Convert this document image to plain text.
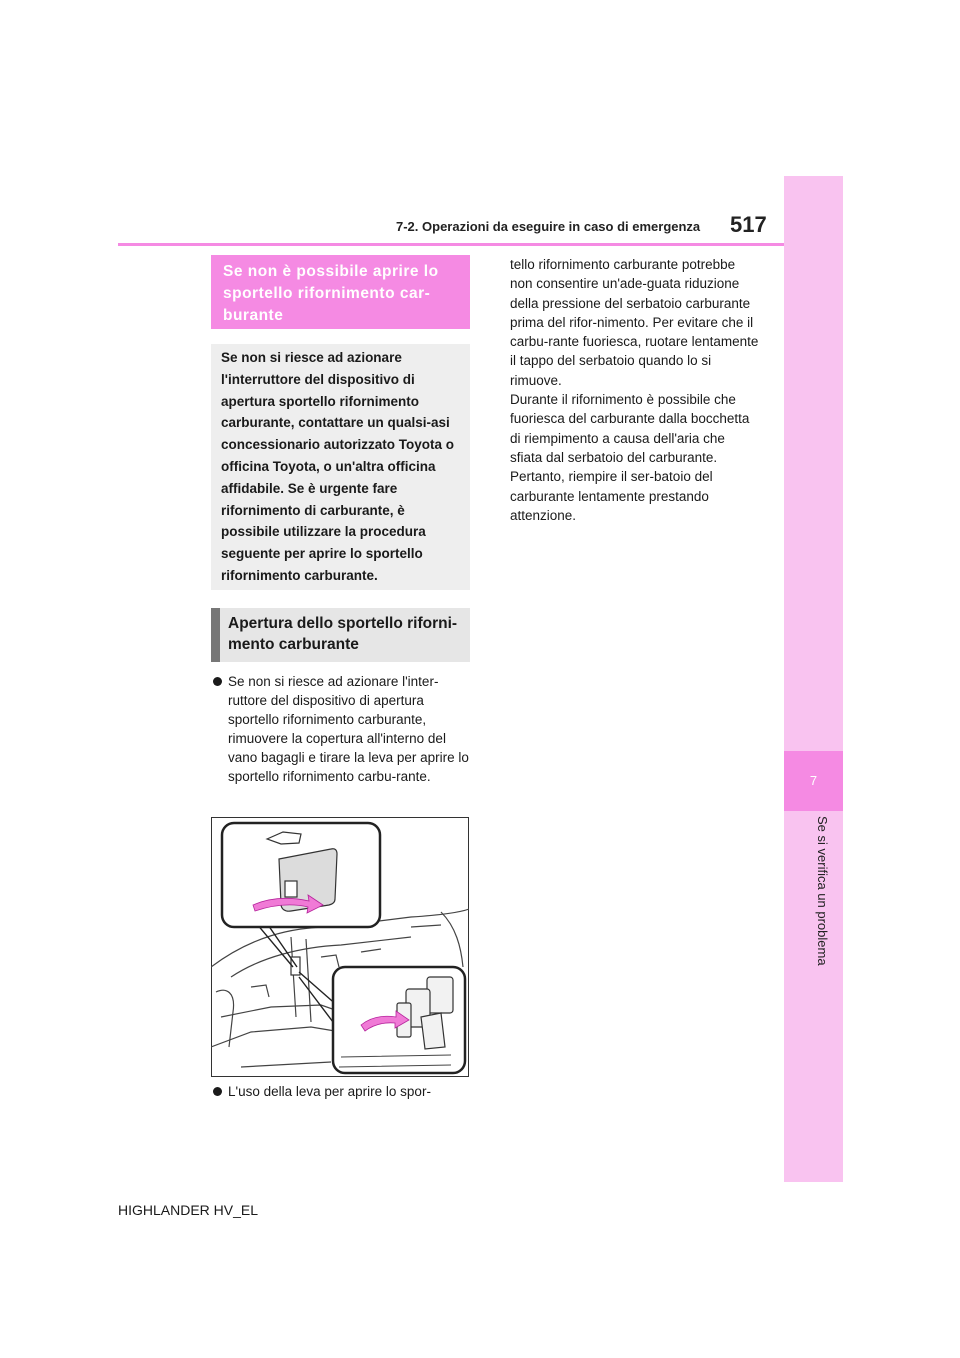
7
Se si verifica un problema
7-2. Operazioni da eseguire in caso di emergenza 517
Se non è possibile aprire lo sportello rifornimento car-burante
Se non si riesce ad azionare l'interruttore del dispositivo di apertura sportello rifornimento carburante, contattare un qualsi-asi concessionario autorizzato Toyota o officina Toyota, o un'altra officina affidabile. Se è urgente fare rifornimento di carburante, è possibile utilizzare la procedura seguente per aprire lo sportello rifornimento carburante.
Apertura dello sportello riforni-mento carburante
Se non si riesce ad azionare l'inter-ruttore del dispositivo di apertura sportello rifornimento carburante, rimuovere la copertura all'interno del vano bagagli e tirare la leva per aprire lo sportello rifornimento carbu-rante.
L'uso della leva per aprire lo spor-

tello rifornimento carburante potrebbe non consentire un'ade-guata riduzione della pressione del serbatoio carburante prima del rifor-nimento. Per evitare che il carbu-rante fuoriesca, ruotare lentamente il tappo del serbatoio quando lo si rimuove.

Durante il rifornimento è possibile che fuoriesca del carburante dalla bocchetta di riempimento a causa dell'aria che sfiata dal serbatoio del carburante. Pertanto, riempire il ser-batoio del carburante lentamente prestando attenzione.

HIGHLANDER HV_EL
